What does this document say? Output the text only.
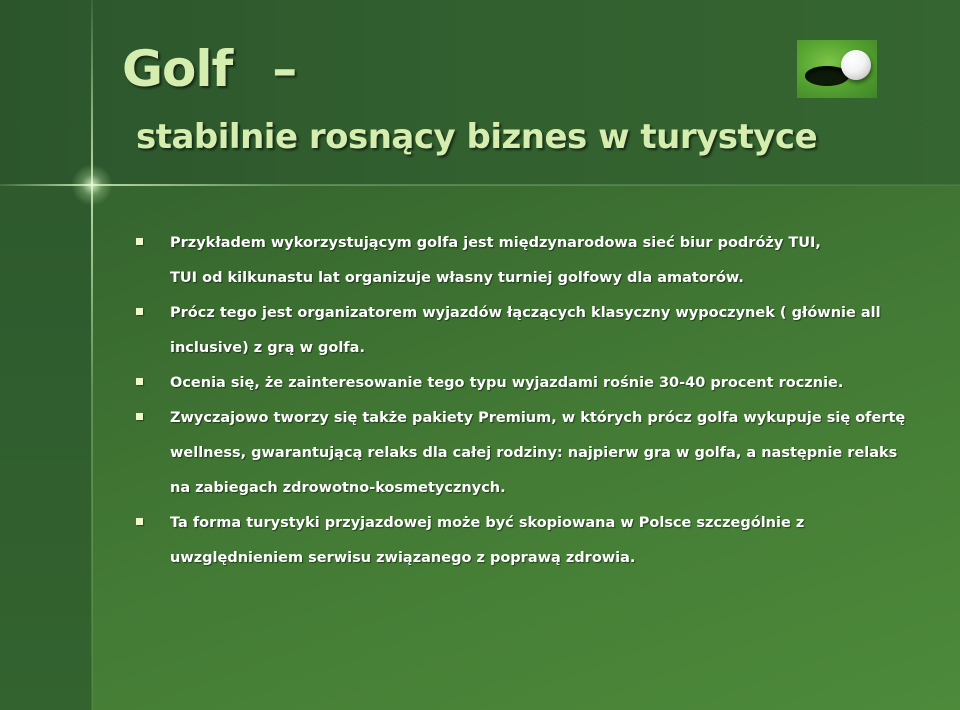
Golf –
stabilnie rosnący biznes w turystyce
Przykładem wykorzystującym golfa jest międzynarodowa sieć biur podróży TUI,
TUI od kilkunastu lat organizuje własny turniej golfowy dla amatorów.
Prócz tego jest organizatorem wyjazdów łączących klasyczny wypoczynek ( głównie all
inclusive) z grą w golfa.
Ocenia się, że zainteresowanie tego typu wyjazdami rośnie 30-40 procent rocznie.
Zwyczajowo tworzy się także pakiety Premium, w których prócz golfa wykupuje się ofertę
wellness, gwarantującą relaks dla całej rodziny: najpierw gra w golfa, a następnie relaks
na zabiegach zdrowotno-kosmetycznych.
Ta forma turystyki przyjazdowej może być skopiowana w Polsce szczególnie z
uwzględnieniem serwisu związanego z poprawą zdrowia.
